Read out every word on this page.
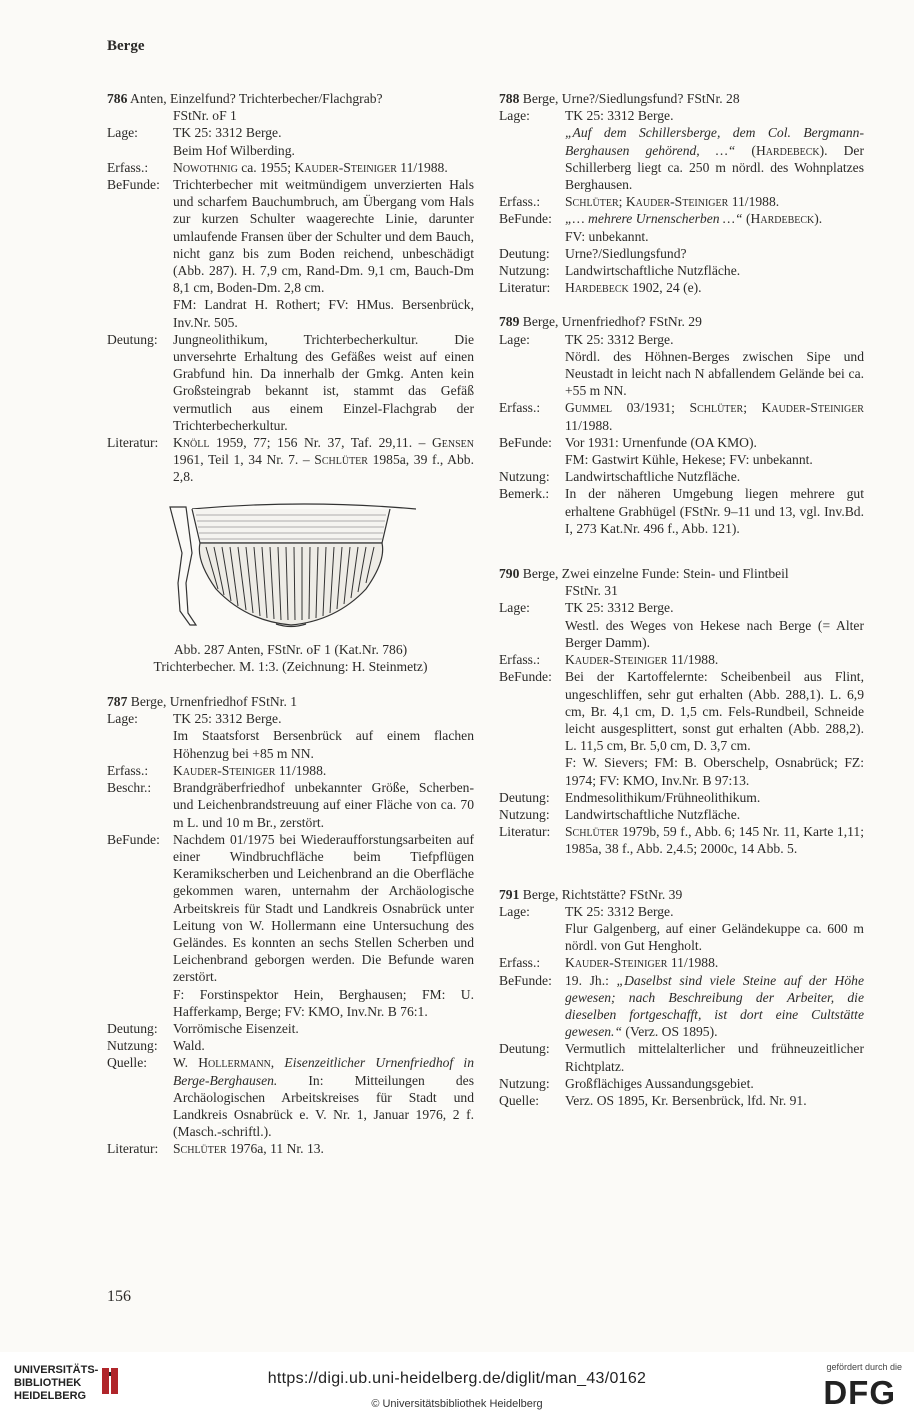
Berge
786 Anten, Einzelfund? Trichterbecher/Flachgrab?
FStNr. oF 1
Lage:	TK 25: 3312 Berge.
Beim Hof Wilberding.
Erfass.:	Nowothnig ca. 1955; Kauder-Steiniger 11/1988.
BeFunde: Trichterbecher mit weitmündigem unverzierten Hals und scharfem Bauchumbruch, am Übergang vom Hals zur kurzen Schulter waagerechte Linie, darunter umlaufende Fransen über der Schulter und dem Bauch, nicht ganz bis zum Boden reichend, unbeschädigt (Abb. 287). H. 7,9 cm, Rand-Dm. 9,1 cm, Bauch-Dm 8,1 cm, Boden-Dm. 2,8 cm.
FM: Landrat H. Rothert; FV: HMus. Bersenbrück, Inv.Nr. 505.
Deutung:	Jungneolithikum, Trichterbecherkultur. Die unversehrte Erhaltung des Gefäßes weist auf einen Grabfund hin. Da innerhalb der Gmkg. Anten kein Großsteingrab bekannt ist, stammt das Gefäß vermutlich aus einem Einzel-Flachgrab der Trichterbecherkultur.
Literatur:	Knöll 1959, 77; 156 Nr. 37, Taf. 29,11. – Gensen 1961, Teil 1, 34 Nr. 7. – Schlüter 1985a, 39 f., Abb. 2,8.
Abb. 287 Anten, FStNr. oF 1 (Kat.Nr. 786)
Trichterbecher. M. 1:3. (Zeichnung: H. Steinmetz)
787 Berge, Urnenfriedhof FStNr. 1
Lage:	TK 25: 3312 Berge.
Im Staatsforst Bersenbrück auf einem flachen Höhenzug bei +85 m NN.
Erfass.:	Kauder-Steiniger 11/1988.
Beschr.:	Brandgräberfriedhof unbekannter Größe, Scherben- und Leichenbrandstreuung auf einer Fläche von ca. 70 m L. und 10 m Br., zerstört.
BeFunde: Nachdem 01/1975 bei Wiederaufforstungsarbeiten auf einer Windbruchfläche beim Tiefpflügen Keramikscherben und Leichenbrand an die Oberfläche gekommen waren, unternahm der Archäologische Arbeitskreis für Stadt und Landkreis Osnabrück unter Leitung von W. Hollermann eine Untersuchung des Geländes. Es konnten an sechs Stellen Scherben und Leichenbrand geborgen werden. Die Befunde waren zerstört.
F: Forstinspektor Hein, Berghausen; FM: U. Hafferkamp, Berge; FV: KMO, Inv.Nr. B 76:1.
Deutung:	Vorrömische Eisenzeit.
Nutzung:	Wald.
Quelle:	W. Hollermann, Eisenzeitlicher Urnenfriedhof in Berge-Berghausen. In: Mitteilungen des Archäologischen Arbeitskreises für Stadt und Landkreis Osnabrück e. V. Nr. 1, Januar 1976, 2 f. (Masch.-schriftl.).
Literatur:	Schlüter 1976a, 11 Nr. 13.
788 Berge, Urne?/Siedlungsfund? FStNr. 28
Lage:	TK 25: 3312 Berge.
„Auf dem Schillersberge, dem Col. Bergmann-Berghausen gehörend, …“ (Hardebeck). Der Schillerberg liegt ca. 250 m nördl. des Wohnplatzes Berghausen.
Erfass.:	Schlüter; Kauder-Steiniger 11/1988.
BeFunde: „… mehrere Urnenscherben …“ (Hardebeck).
FV: unbekannt.
Deutung:	Urne?/Siedlungsfund?
Nutzung:	Landwirtschaftliche Nutzfläche.
Literatur:	Hardebeck 1902, 24 (e).
789 Berge, Urnenfriedhof? FStNr. 29
Lage:	TK 25: 3312 Berge.
Nördl. des Höhnen-Berges zwischen Sipe und Neustadt in leicht nach N abfallendem Gelände bei ca. +55 m NN.
Erfass.:	Gummel 03/1931; Schlüter; Kauder-Steiniger 11/1988.
BeFunde: Vor 1931: Urnenfunde (OA KMO).
FM: Gastwirt Kühle, Hekese; FV: unbekannt.
Nutzung:	Landwirtschaftliche Nutzfläche.
Bemerk.:	In der näheren Umgebung liegen mehrere gut erhaltene Grabhügel (FStNr. 9–11 und 13, vgl. Inv.Bd. I, 273 Kat.Nr. 496 f., Abb. 121).
790 Berge, Zwei einzelne Funde: Stein- und Flintbeil
FStNr. 31
Lage:	TK 25: 3312 Berge.
Westl. des Weges von Hekese nach Berge (= Alter Berger Damm).
Erfass.:	Kauder-Steiniger 11/1988.
BeFunde: Bei der Kartoffelernte: Scheibenbeil aus Flint, ungeschliffen, sehr gut erhalten (Abb. 288,1). L. 6,9 cm, Br. 4,1 cm, D. 1,5 cm. Fels-Rundbeil, Schneide leicht ausgesplittert, sonst gut erhalten (Abb. 288,2). L. 11,5 cm, Br. 5,0 cm, D. 3,7 cm.
F: W. Sievers; FM: B. Oberschelp, Osnabrück; FZ: 1974; FV: KMO, Inv.Nr. B 97:13.
Deutung:	Endmesolithikum/Frühneolithikum.
Nutzung:	Landwirtschaftliche Nutzfläche.
Literatur:	Schlüter 1979b, 59 f., Abb. 6; 145 Nr. 11, Karte 1,11; 1985a, 38 f., Abb. 2,4.5; 2000c, 14 Abb. 5.
791 Berge, Richtstätte? FStNr. 39
Lage:	TK 25: 3312 Berge.
Flur Galgenberg, auf einer Geländekuppe ca. 600 m nördl. von Gut Hengholt.
Erfass.:	Kauder-Steiniger 11/1988.
BeFunde: 19. Jh.: „Daselbst sind viele Steine auf der Höhe gewesen; nach Beschreibung der Arbeiter, die dieselben fortgeschafft, ist dort eine Cultstätte gewesen.“ (Verz. OS 1895).
Deutung:	Vermutlich mittelalterlicher und frühneuzeitlicher Richtplatz.
Nutzung:	Großflächiges Aussandungsgebiet.
Quelle:	Verz. OS 1895, Kr. Bersenbrück, lfd. Nr. 91.
156
UNIVERSITÄTS-
BIBLIOTHEK
HEIDELBERG
https://digi.ub.uni-heidelberg.de/diglit/man_43/0162
© Universitätsbibliothek Heidelberg
gefördert durch die
DFG
